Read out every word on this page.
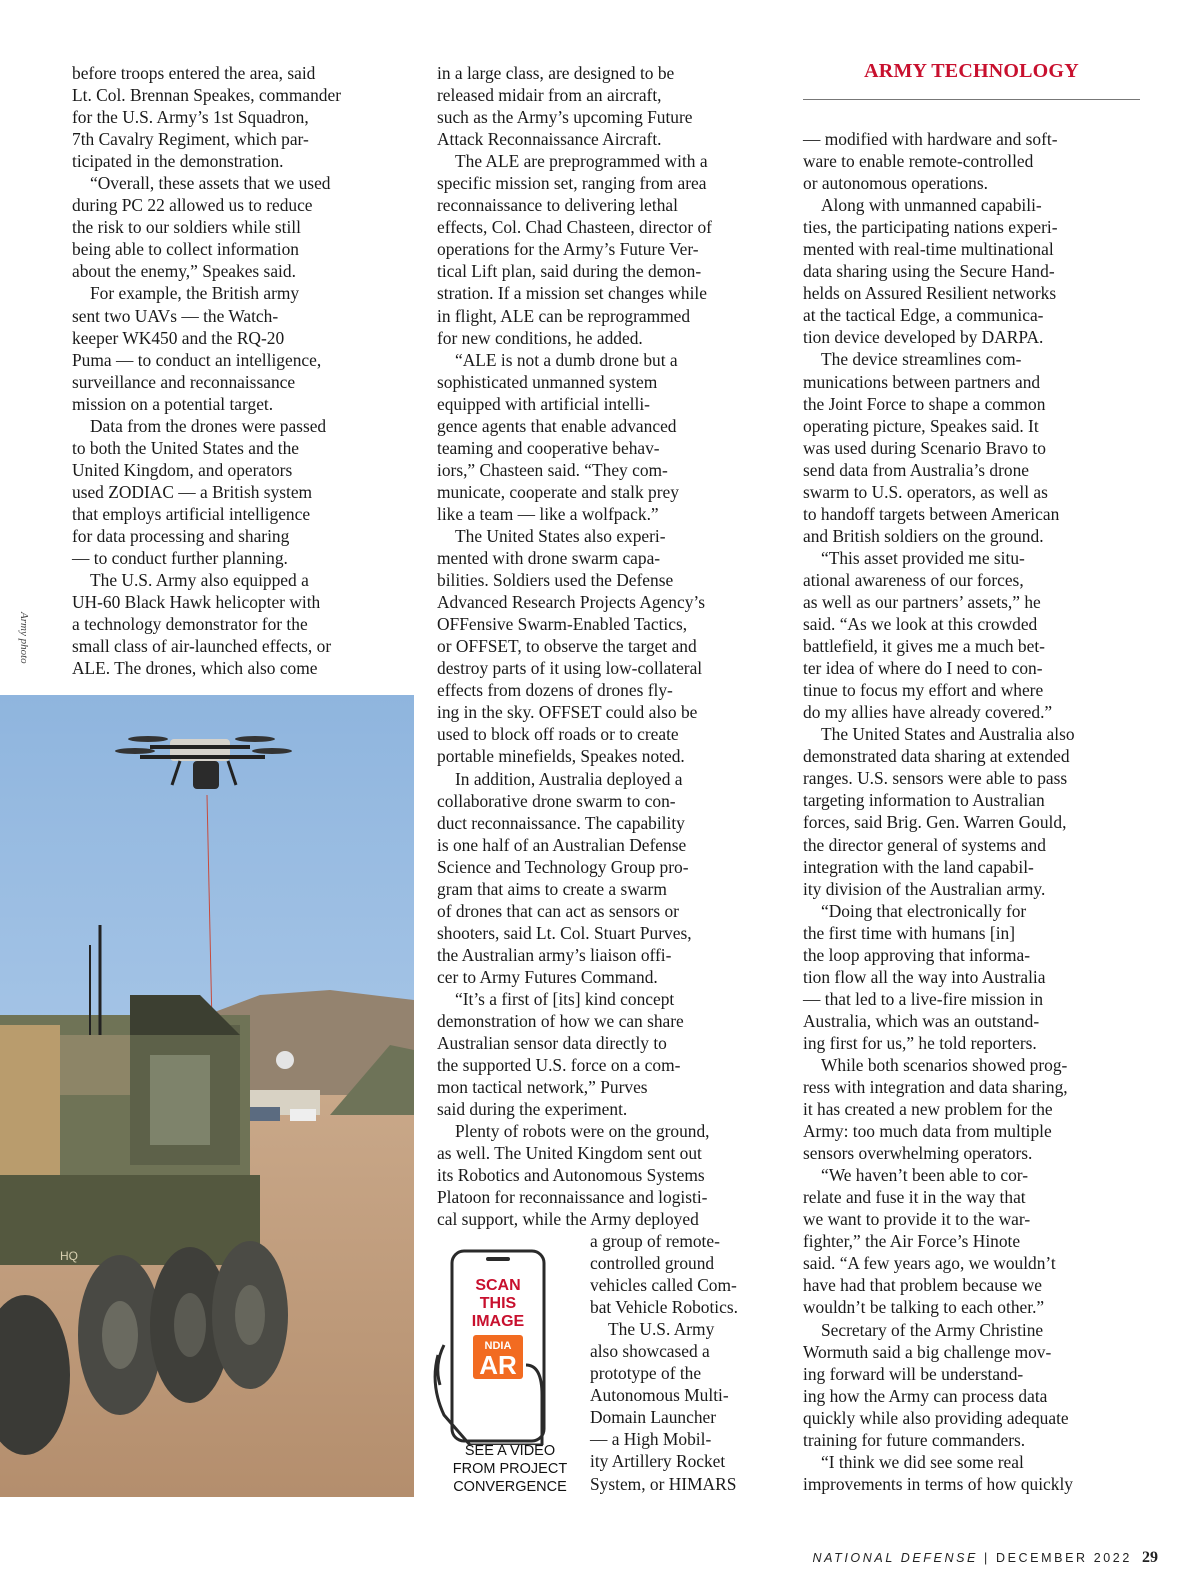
ARMY TECHNOLOGY
Army photo
before troops entered the area, said
Lt. Col. Brennan Speakes, commander
for the U.S. Army’s 1st Squadron,
7th Cavalry Regiment, which par-
ticipated in the demonstration.
“Overall, these assets that we used
during PC 22 allowed us to reduce
the risk to our soldiers while still
being able to collect information
about the enemy,” Speakes said.
For example, the British army
sent two UAVs — the Watch-
keeper WK450 and the RQ-20
Puma — to conduct an intelligence,
surveillance and reconnaissance
mission on a potential target.
Data from the drones were passed
to both the United States and the
United Kingdom, and operators
used ZODIAC — a British system
that employs artificial intelligence
for data processing and sharing
— to conduct further planning.
The U.S. Army also equipped a
UH-60 Black Hawk helicopter with
a technology demonstrator for the
small class of air-launched effects, or
ALE. The drones, which also come
in a large class, are designed to be
released midair from an aircraft,
such as the Army’s upcoming Future
Attack Reconnaissance Aircraft.
The ALE are preprogrammed with a
specific mission set, ranging from area
reconnaissance to delivering lethal
effects, Col. Chad Chasteen, director of
operations for the Army’s Future Ver-
tical Lift plan, said during the demon-
stration. If a mission set changes while
in flight, ALE can be reprogrammed
for new conditions, he added.
“ALE is not a dumb drone but a
sophisticated unmanned system
equipped with artificial intelli-
gence agents that enable advanced
teaming and cooperative behav-
iors,” Chasteen said. “They com-
municate, cooperate and stalk prey
like a team — like a wolfpack.”
The United States also experi-
mented with drone swarm capa-
bilities. Soldiers used the Defense
Advanced Research Projects Agency’s
OFFensive Swarm-Enabled Tactics,
or OFFSET, to observe the target and
destroy parts of it using low-collateral
effects from dozens of drones fly-
ing in the sky. OFFSET could also be
used to block off roads or to create
portable minefields, Speakes noted.
In addition, Australia deployed a
collaborative drone swarm to con-
duct reconnaissance. The capability
is one half of an Australian Defense
Science and Technology Group pro-
gram that aims to create a swarm
of drones that can act as sensors or
shooters, said Lt. Col. Stuart Purves,
the Australian army’s liaison offi-
cer to Army Futures Command.
“It’s a first of [its] kind concept
demonstration of how we can share
Australian sensor data directly to
the supported U.S. force on a com-
mon tactical network,” Purves
said during the experiment.
Plenty of robots were on the ground,
as well. The United Kingdom sent out
its Robotics and Autonomous Systems
Platoon for reconnaissance and logisti-
cal support, while the Army deployed
a group of remote-
controlled ground
vehicles called Com-
bat Vehicle Robotics.
The U.S. Army
also showcased a
prototype of the
Autonomous Multi-
Domain Launcher
— a High Mobil-
ity Artillery Rocket
System, or HIMARS
— modified with hardware and soft-
ware to enable remote-controlled
or autonomous operations.
Along with unmanned capabili-
ties, the participating nations experi-
mented with real-time multinational
data sharing using the Secure Hand-
helds on Assured Resilient networks
at the tactical Edge, a communica-
tion device developed by DARPA.
The device streamlines com-
munications between partners and
the Joint Force to shape a common
operating picture, Speakes said. It
was used during Scenario Bravo to
send data from Australia’s drone
swarm to U.S. operators, as well as
to handoff targets between American
and British soldiers on the ground.
“This asset provided me situ-
ational awareness of our forces,
as well as our partners’ assets,” he
said. “As we look at this crowded
battlefield, it gives me a much bet-
ter idea of where do I need to con-
tinue to focus my effort and where
do my allies have already covered.”
The United States and Australia also
demonstrated data sharing at extended
ranges. U.S. sensors were able to pass
targeting information to Australian
forces, said Brig. Gen. Warren Gould,
the director general of systems and
integration with the land capabil-
ity division of the Australian army.
“Doing that electronically for
the first time with humans [in]
the loop approving that informa-
tion flow all the way into Australia
— that led to a live-fire mission in
Australia, which was an outstand-
ing first for us,” he told reporters.
While both scenarios showed prog-
ress with integration and data sharing,
it has created a new problem for the
Army: too much data from multiple
sensors overwhelming operators.
“We haven’t been able to cor-
relate and fuse it in the way that
we want to provide it to the war-
fighter,” the Air Force’s Hinote
said. “A few years ago, we wouldn’t
have had that problem because we
wouldn’t be talking to each other.”
Secretary of the Army Christine
Wormuth said a big challenge mov-
ing forward will be understand-
ing how the Army can process data
quickly while also providing adequate
training for future commanders.
“I think we did see some real
improvements in terms of how quickly
HQ
SCAN
THIS
IMAGE
NDIA
AR
SEE A VIDEO
FROM PROJECT
CONVERGENCE
NATIONAL DEFENSE | DECEMBER 2022 29
